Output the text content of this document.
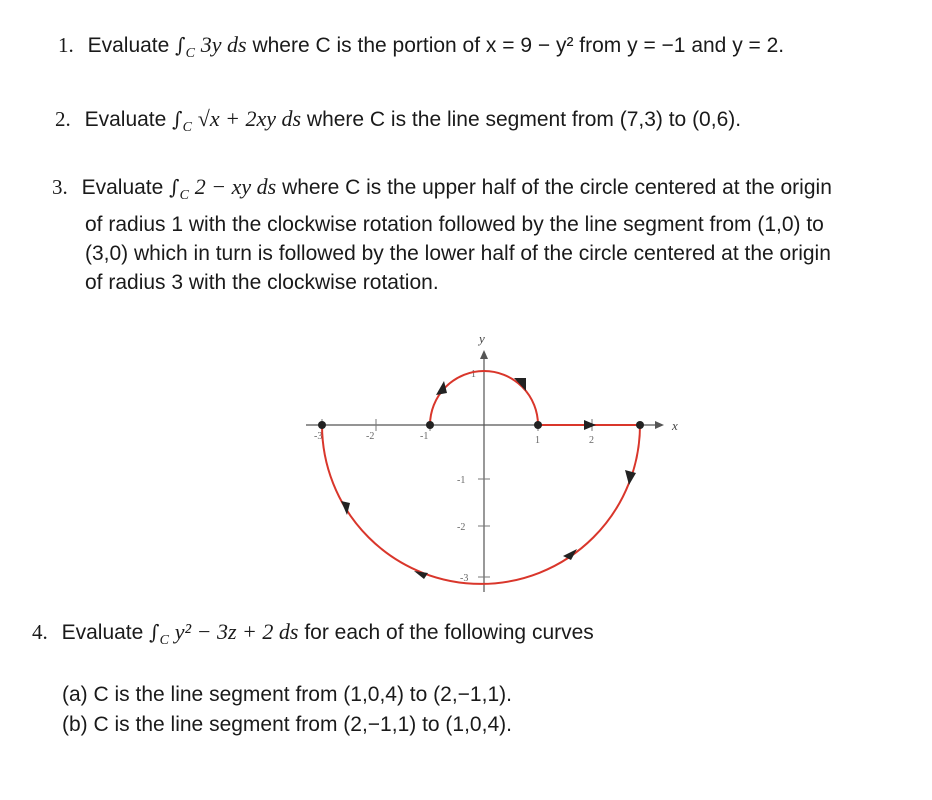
1. Evaluate $\int_C$ 3y ds where C is the portion of x = 9 − y² from y = −1 and y = 2.
2. Evaluate $\int_C$ √x + 2xy ds where C is the line segment from (7,3) to (0,6).
3. Evaluate $\int_C$ 2 − xy ds where C is the upper half of the circle centered at the origin
of radius 1 with the clockwise rotation followed by the line segment from (1,0) to
(3,0) which in turn is followed by the lower half of the circle centered at the origin
of radius 3 with the clockwise rotation.
x
y
-3	-2	-1	1	2
1
-1
-2
-3
4. Evaluate $\int_C$ y² − 3z + 2 ds for each of the following curves
(a) C is the line segment from (1,0,4) to (2,−1,1).
(b) C is the line segment from (2,−1,1) to (1,0,4).
